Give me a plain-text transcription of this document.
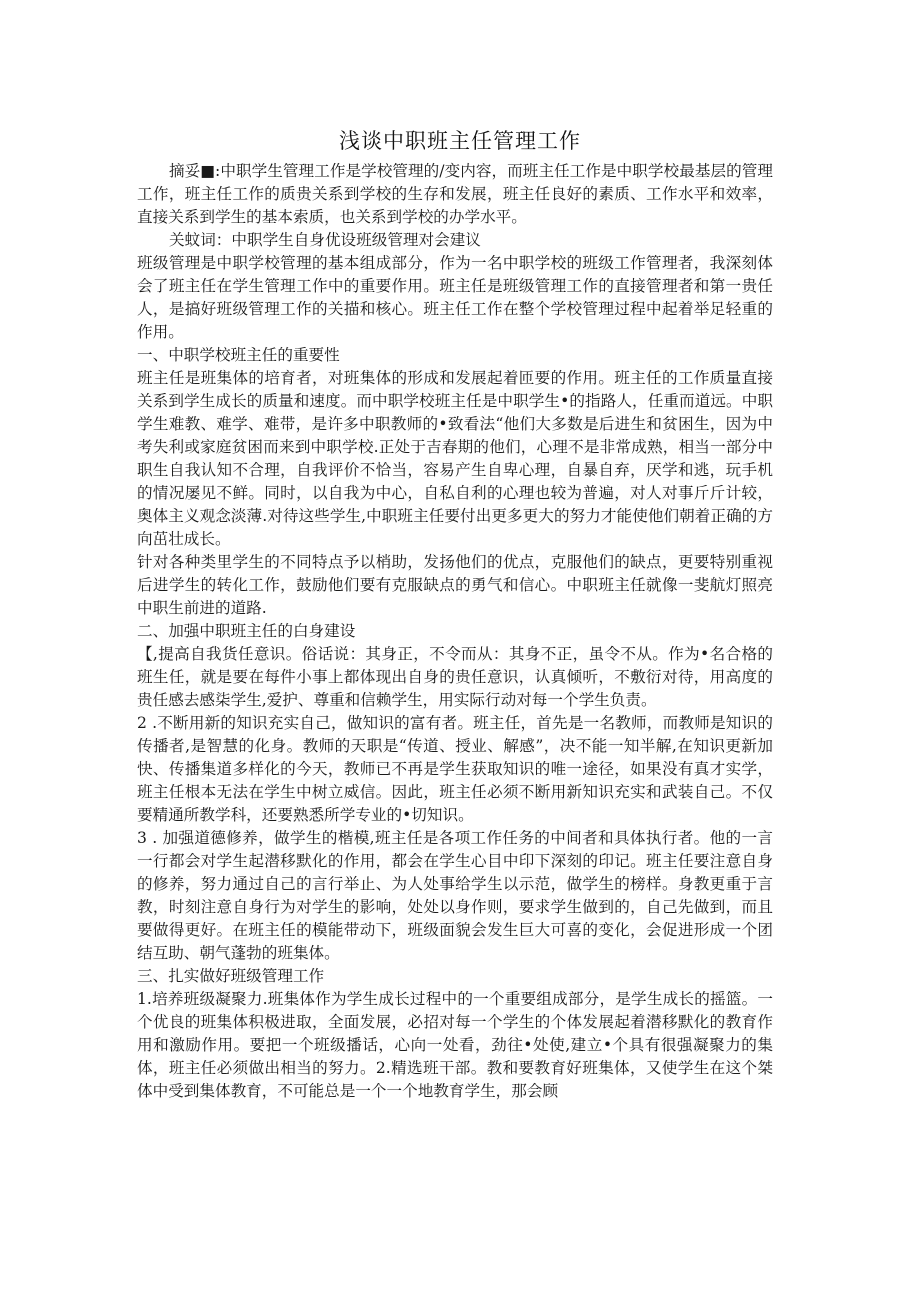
浅谈中职班主任管理工作

摘妥■:中职学生管理工作是学校管理的/变内容，而班主任工作是中职学校最基层的管理工作，班主任工作的质贵关系到学校的生存和发展，班主任良好的素质、工作水平和效率，直接关系到学生的基本索质，也关系到学校的办学水平。

关蚊词：中职学生自身优设班级管理对会建议

班级管理是中职学校管理的基本组成部分，作为一名中职学校的班级工作管理者，我深刻体会了班主任在学生管理工作中的重要作用。班主任是班级管理工作的直接管理者和第一贵任人，是搞好班级管理工作的关描和核心。班主任工作在整个学校管理过程中起着举足轻重的作用。

一、中职学校班主任的重要性

班主任是班集体的培育者，对班集体的形成和发展起着匝要的作用。班主任的工作质量直接关系到学生成长的质量和速度。而中职学校班主任是中职学生•的指路人，任重而道远。中职学生难教、难学、难带，是许多中职教师的•致看法“他们大多数是后进生和贫困生，因为中考失利或家庭贫困而来到中职学校.正处于吉春期的他们，心理不是非常成熟，相当一部分中职生自我认知不合理，自我评价不恰当，容易产生自卑心理，自暴自弃，厌学和逃，玩手机的情况屡见不鲜。同时，以自我为中心，自私自利的心理也较为普遍，对人对事斤斤计较，奥体主义观念淡薄.对待这些学生,中职班主任要付出更多更大的努力才能使他们朝着正确的方向茁壮成长。

针对各种类里学生的不同特点予以梢助，发扬他们的优点，克服他们的缺点，更要特别重视后进学生的转化工作，鼓励他们要有克服缺点的勇气和信心。中职班主任就像一斐航灯照亮中职生前进的道路.

二、加强中职班主任的白身建设

【,提高自我货任意识。俗话说：其身正，不令而从：其身不正，虽令不从。作为•名合格的班生任，就是要在每件小事上都体现出自身的贵任意识，认真倾听，不敷衍对待，用高度的贵任感去感柒学生,爱护、尊重和信赖学生，用实际行动对每一个学生负责。

2 .不断用新的知识充实自己，做知识的富有者。班主任，首先是一名教师，而教师是知识的传播者,是智慧的化身。教师的天职是“传道、授业、解感”，决不能一知半解,在知识更新加快、传播集道多样化的今天，教师已不再是学生获取知识的唯一途径，如果没有真才实学，班主任根本无法在学生中树立威信。因此，班主任必须不断用新知识充实和武装自己。不仅要精通所教学科，还要熟悉所学专业的•切知识。

3 . 加强道德修养，做学生的楷模,班主任是各项工作任务的中间者和具体执行者。他的一言一行都会对学生起潜移默化的作用，都会在学生心目中印下深刻的印记。班主任要注意自身的修养，努力通过自己的言行举止、为人处事给学生以示范，做学生的榜样。身教更重于言教，时刻注意自身行为对学生的影响，处处以身作则，要求学生做到的，自己先做到，而且要做得更好。在班主任的模能带动下，班级面貌会发生巨大可喜的变化，会促进形成一个团结互助、朝气蓬勃的班集体。

三、扎实做好班级管理工作

1.培养班级凝聚力.班集体作为学生成长过程中的一个重要组成部分，是学生成长的摇篮。一个优良的班集体积极进取，全面发展，必招对每一个学生的个体发展起着潜移默化的教育作用和激励作用。要把一个班级播话，心向一处看，劲往•处使,建立•个具有很强凝聚力的集体，班主任必须做出相当的努力。2.精选班干部。教和要教育好班集体，又使学生在这个桀体中受到集体教育，不可能总是一个一个地教育学生，那会顾
